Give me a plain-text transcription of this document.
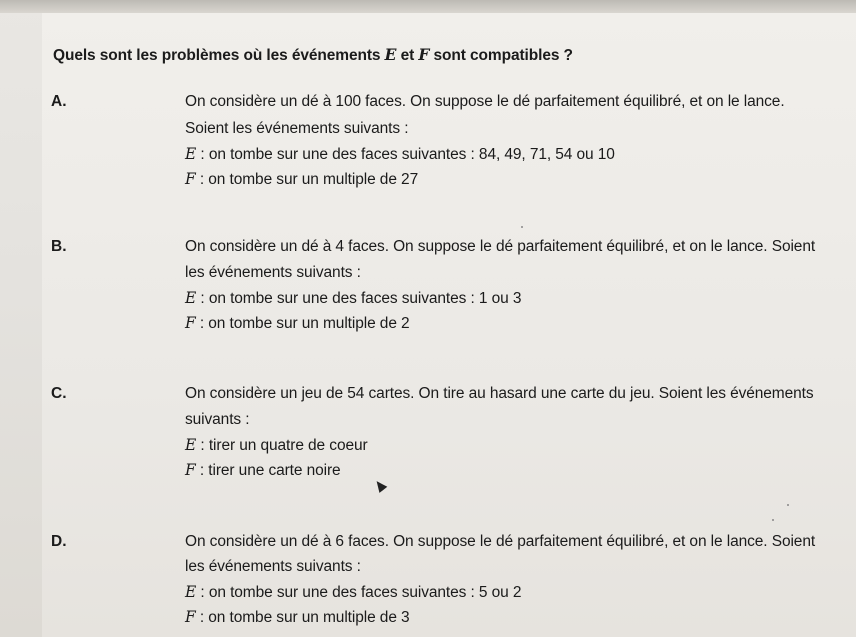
Quels sont les problèmes où les événements E et F sont compatibles ?
A.	On considère un dé à 100 faces. On suppose le dé parfaitement équilibré, et on le lance.
Soient les événements suivants :
E : on tombe sur une des faces suivantes : 84, 49, 71, 54 ou 10
F : on tombe sur un multiple de 27
B.	On considère un dé à 4 faces. On suppose le dé parfaitement équilibré, et on le lance. Soient
les événements suivants :
E : on tombe sur une des faces suivantes : 1 ou 3
F : on tombe sur un multiple de 2
C.	On considère un jeu de 54 cartes. On tire au hasard une carte du jeu. Soient les événements
suivants :
E : tirer un quatre de coeur
F : tirer une carte noire
D.	On considère un dé à 6 faces. On suppose le dé parfaitement équilibré, et on le lance. Soient
les événements suivants :
E : on tombe sur une des faces suivantes : 5 ou 2
F : on tombe sur un multiple de 3
